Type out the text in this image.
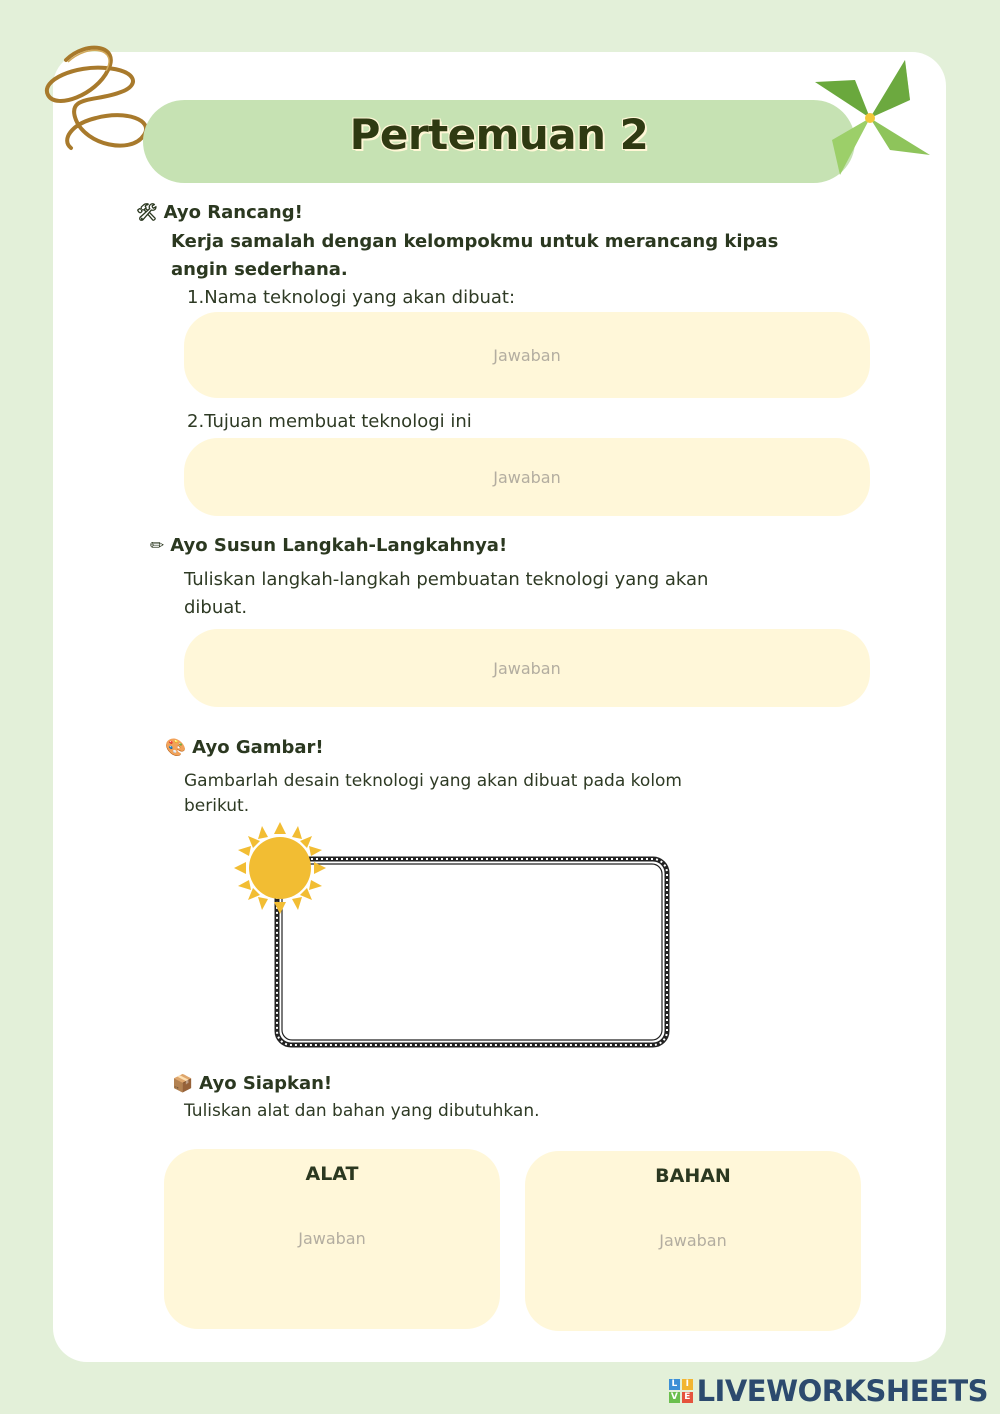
Pertemuan 2
🛠 Ayo Rancang!
Kerja samalah dengan kelompokmu untuk merancang kipas angin sederhana.
1.Nama teknologi yang akan dibuat:
Jawaban
2.Tujuan membuat teknologi ini
Jawaban
✏ Ayo Susun Langkah-Langkahnya!
Tuliskan langkah-langkah pembuatan teknologi yang akan dibuat.
Jawaban
🎨 Ayo Gambar!
Gambarlah desain teknologi yang akan dibuat pada kolom berikut.
📦 Ayo Siapkan!
Tuliskan alat dan bahan yang dibutuhkan.
ALAT
Jawaban
BAHAN
Jawaban
L I
V E LIVEWORKSHEETS
